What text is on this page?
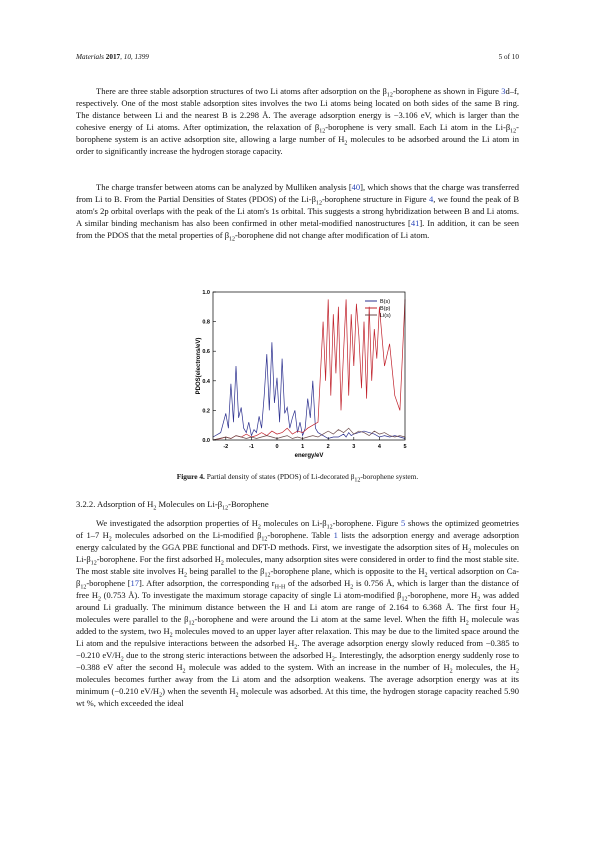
Materials 2017, 10, 1399	5 of 10

There are three stable adsorption structures of two Li atoms after adsorption on the $\beta_{12}$-borophene as shown in Figure 3d–f, respectively. One of the most stable adsorption sites involves the two Li atoms being located on both sides of the same B ring. The distance between Li and the nearest B is 2.298 Å. The average adsorption energy is −3.106 eV, which is larger than the cohesive energy of Li atoms. After optimization, the relaxation of $\beta_{12}$-borophene is very small. Each Li atom in the $Li-\beta_{12}$-borophene system is an active adsorption site, allowing a large number of $H_2$ molecules to be adsorbed around the Li atom in order to significantly increase the hydrogen storage capacity.

The charge transfer between atoms can be analyzed by Mulliken analysis [40], which shows that the charge was transferred from Li to B. From the Partial Densities of States (PDOS) of the $Li-\beta_{12}$-borophene structure in Figure 4, we found the peak of B atom's 2p orbital overlaps with the peak of the Li atom's 1s orbital. This suggests a strong hybridization between B and Li atoms. A similar binding mechanism has also been confirmed in other metal-modified nanostructures [41]. In addition, it can be seen from the PDOS that the metal properties of $\beta_{12}$-borophene did not change after modification of Li atom.

-2	-1	0	1	2	3	4	5
0.0
0.2
0.4
0.6
0.8
1.0
energy/eV
PDOS(electrons/eV)
B(s)
B(p)
Li(s)
Figure 4. Partial density of states (PDOS) of Li-decorated $\beta_{12}$-borophene system.
3.2.2. Adsorption of $H_2$ Molecules on $Li-\beta_{12}$-Borophene

We investigated the adsorption properties of $H_2$ molecules on $Li-\beta_{12}$-borophene. Figure 5 shows the optimized geometries of 1–7 $H_2$ molecules adsorbed on the Li-modified $\beta_{12}$-borophene. Table 1 lists the adsorption energy and average adsorption energy calculated by the GGA PBE functional and DFT-D methods. First, we investigate the adsorption sites of $H_2$ molecules on $Li-\beta_{12}$-borophene. For the first adsorbed $H_2$ molecules, many adsorption sites were considered in order to find the most stable site. The most stable site involves $H_2$ being parallel to the $\beta_{12}$-borophene plane, which is opposite to the $H_2$ vertical adsorption on $Ca-\beta_{12}$-borophene [17]. After adsorption, the corresponding $r_{H-H}$ of the adsorbed $H_2$ is 0.756 Å, which is larger than the distance of free $H_2$ (0.753 Å). To investigate the maximum storage capacity of single Li atom-modified $\beta_{12}$-borophene, more $H_2$ was added around Li gradually. The minimum distance between the H and Li atom are range of 2.164 to 6.368 Å. The first four $H_2$ molecules were parallel to the $\beta_{12}$-borophene and were around the Li atom at the same level. When the fifth $H_2$ molecule was added to the system, two $H_2$ molecules moved to an upper layer after relaxation. This may be due to the limited space around the Li atom and the repulsive interactions between the adsorbed $H_2$. The average adsorption energy slowly reduced from −0.385 to −0.210 $eV/H_2$ due to the strong steric interactions between the adsorbed $H_2$. Interestingly, the adsorption energy suddenly rose to −0.388 eV after the second $H_2$ molecule was added to the system. With an increase in the number of $H_2$ molecules, the $H_2$ molecules becomes further away from the Li atom and the adsorption weakens. The average adsorption energy was at its minimum (−0.210 $eV/H_2$) when the seventh $H_2$ molecule was adsorbed. At this time, the hydrogen storage capacity reached 5.90 wt %, which exceeded the ideal
